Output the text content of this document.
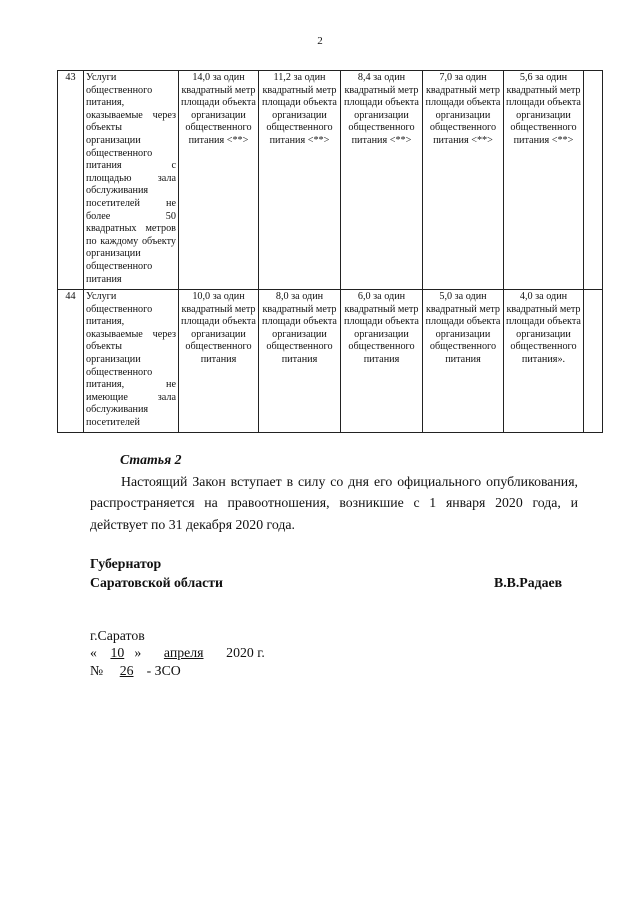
2
43	Услуги общественного питания, оказываемые через объекты организации общественного питания с площадью зала обслуживания посетителей не более 50 квадратных метров по каждому объекту организации общественного питания	14,0 за один квадратный метр площади объекта организации общественного питания <**>	11,2 за один квадратный метр площади объекта организации общественного питания <**>	8,4 за один квадратный метр площади объекта организации общественного питания <**>	7,0 за один квадратный метр площади объекта организации общественного питания <**>	5,6 за один квадратный метр площади объекта организации общественного питания <**>	
44	Услуги общественного питания, оказываемые через объекты организации общественного питания, не имеющие зала обслуживания посетителей	10,0 за один квадратный метр площади объекта организации общественного питания	8,0 за один квадратный метр площади объекта организации общественного питания	6,0 за один квадратный метр площади объекта организации общественного питания	5,0 за один квадратный метр площади объекта организации общественного питания	4,0 за один квадратный метр площади объекта организации общественного питания».	
Статья 2
Настоящий Закон вступает в силу со дня его официального опубликования, распространяется на правоотношения, возникшие с 1 января 2020 года, и действует по 31 декабря 2020 года.
Губернатор
Саратовской области	В.В.Радаев
г.Саратов
« 10 » апреля 2020 г.
№ 26 - ЗСО
